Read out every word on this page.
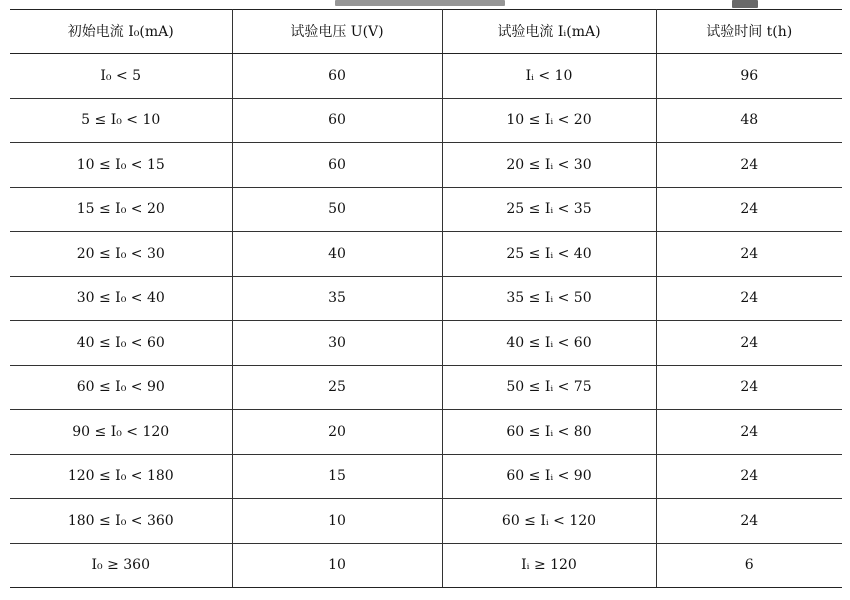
初始电流 I₀(mA)	试验电压 U(V)	试验电流 Iᵢ(mA)	试验时间 t(h)
I₀ < 5	60	Iᵢ < 10	96
5 ≤ I₀ < 10	60	10 ≤ Iᵢ < 20	48
10 ≤ I₀ < 15	60	20 ≤ Iᵢ < 30	24
15 ≤ I₀ < 20	50	25 ≤ Iᵢ < 35	24
20 ≤ I₀ < 30	40	25 ≤ Iᵢ < 40	24
30 ≤ I₀ < 40	35	35 ≤ Iᵢ < 50	24
40 ≤ I₀ < 60	30	40 ≤ Iᵢ < 60	24
60 ≤ I₀ < 90	25	50 ≤ Iᵢ < 75	24
90 ≤ I₀ < 120	20	60 ≤ Iᵢ < 80	24
120 ≤ I₀ < 180	15	60 ≤ Iᵢ < 90	24
180 ≤ I₀ < 360	10	60 ≤ Iᵢ < 120	24
I₀ ≥ 360	10	Iᵢ ≥ 120	6
